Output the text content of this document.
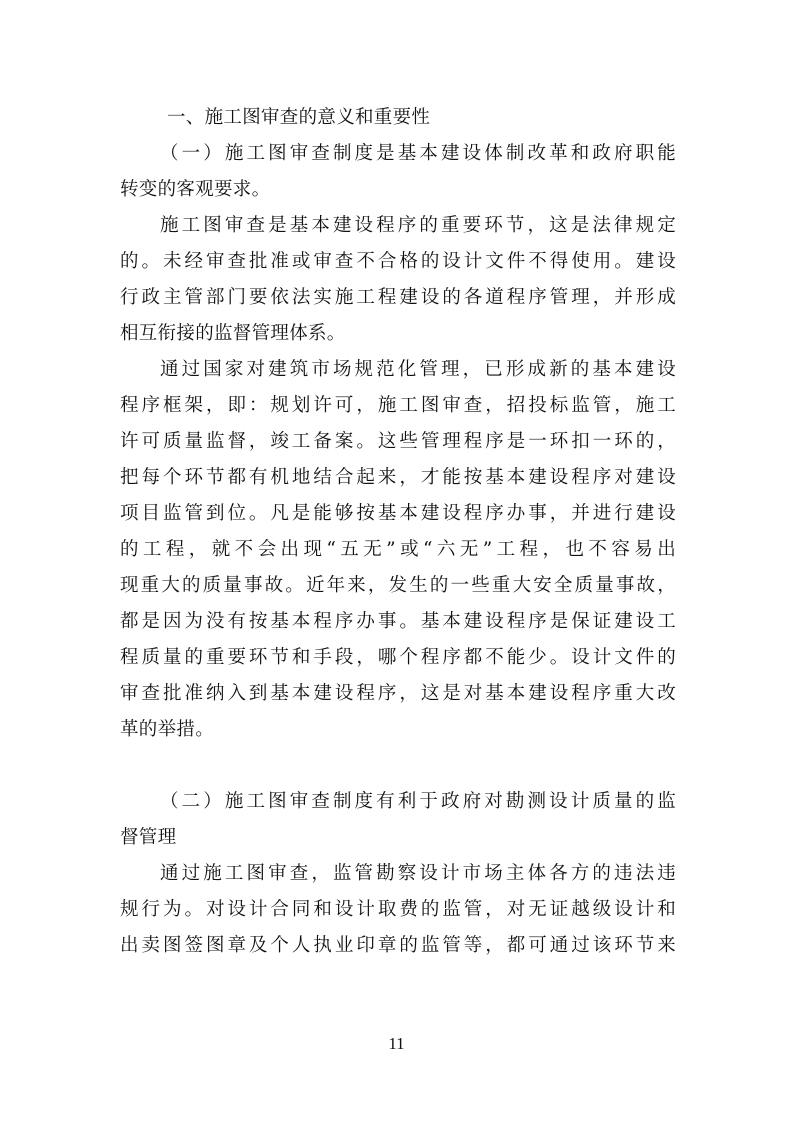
一、施工图审查的意义和重要性
（一）施工图审查制度是基本建设体制改革和政府职能
转变的客观要求。
施工图审查是基本建设程序的重要环节，这是法律规定
的。未经审查批准或审查不合格的设计文件不得使用。建设
行政主管部门要依法实施工程建设的各道程序管理，并形成
相互衔接的监督管理体系。
通过国家对建筑市场规范化管理，已形成新的基本建设
程序框架，即：规划许可，施工图审查，招投标监管，施工
许可质量监督，竣工备案。这些管理程序是一环扣一环的，
把每个环节都有机地结合起来，才能按基本建设程序对建设
项目监管到位。凡是能够按基本建设程序办事，并进行建设
的工程，就不会出现“五无”或“六无”工程，也不容易出
现重大的质量事故。近年来，发生的一些重大安全质量事故，
都是因为没有按基本程序办事。基本建设程序是保证建设工
程质量的重要环节和手段，哪个程序都不能少。设计文件的
审查批准纳入到基本建设程序，这是对基本建设程序重大改
革的举措。
（二）施工图审查制度有利于政府对勘测设计质量的监
督管理
通过施工图审查，监管勘察设计市场主体各方的违法违
规行为。对设计合同和设计取费的监管，对无证越级设计和
出卖图签图章及个人执业印章的监管等，都可通过该环节来
11
